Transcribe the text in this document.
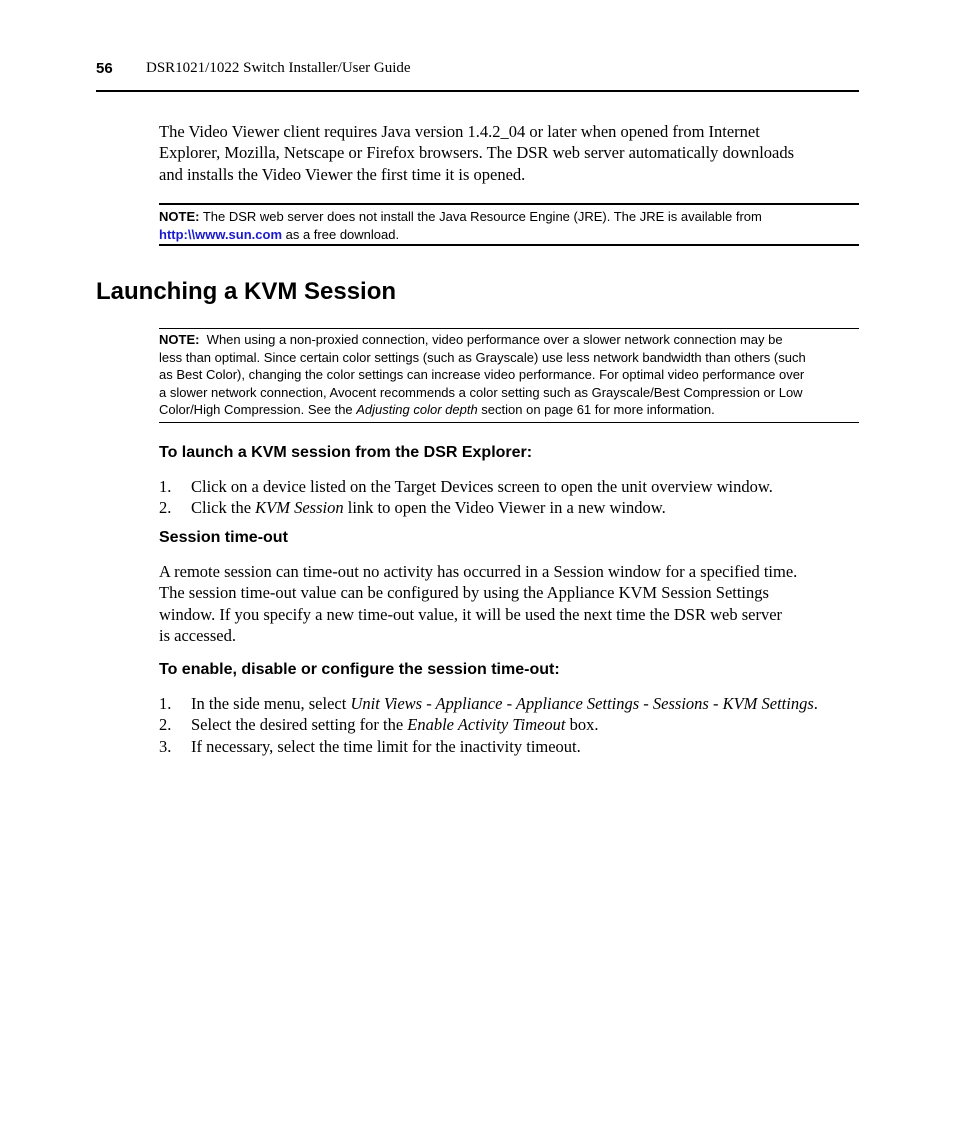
56 DSR1021/1022 Switch Installer/User Guide
The Video Viewer client requires Java version 1.4.2_04 or later when opened from Internet
Explorer, Mozilla, Netscape or Firefox browsers. The DSR web server automatically downloads
and installs the Video Viewer the first time it is opened.
NOTE: The DSR web server does not install the Java Resource Engine (JRE). The JRE is available from
http:\\www.sun.com as a free download.
Launching a KVM Session
NOTE:  When using a non-proxied connection, video performance over a slower network connection may be
less than optimal. Since certain color settings (such as Grayscale) use less network bandwidth than others (such
as Best Color), changing the color settings can increase video performance. For optimal video performance over
a slower network connection, Avocent recommends a color setting such as Grayscale/Best Compression or Low
Color/High Compression. See the Adjusting color depth section on page 61 for more information.
To launch a KVM session from the DSR Explorer:
1. Click on a device listed on the Target Devices screen to open the unit overview window.
2. Click the KVM Session link to open the Video Viewer in a new window.
Session time-out
A remote session can time-out no activity has occurred in a Session window for a specified time.
The session time-out value can be configured by using the Appliance KVM Session Settings
window. If you specify a new time-out value, it will be used the next time the DSR web server
is accessed.
To enable, disable or configure the session time-out:
1. In the side menu, select Unit Views - Appliance - Appliance Settings - Sessions - KVM Settings.
2. Select the desired setting for the Enable Activity Timeout box.
3. If necessary, select the time limit for the inactivity timeout.
